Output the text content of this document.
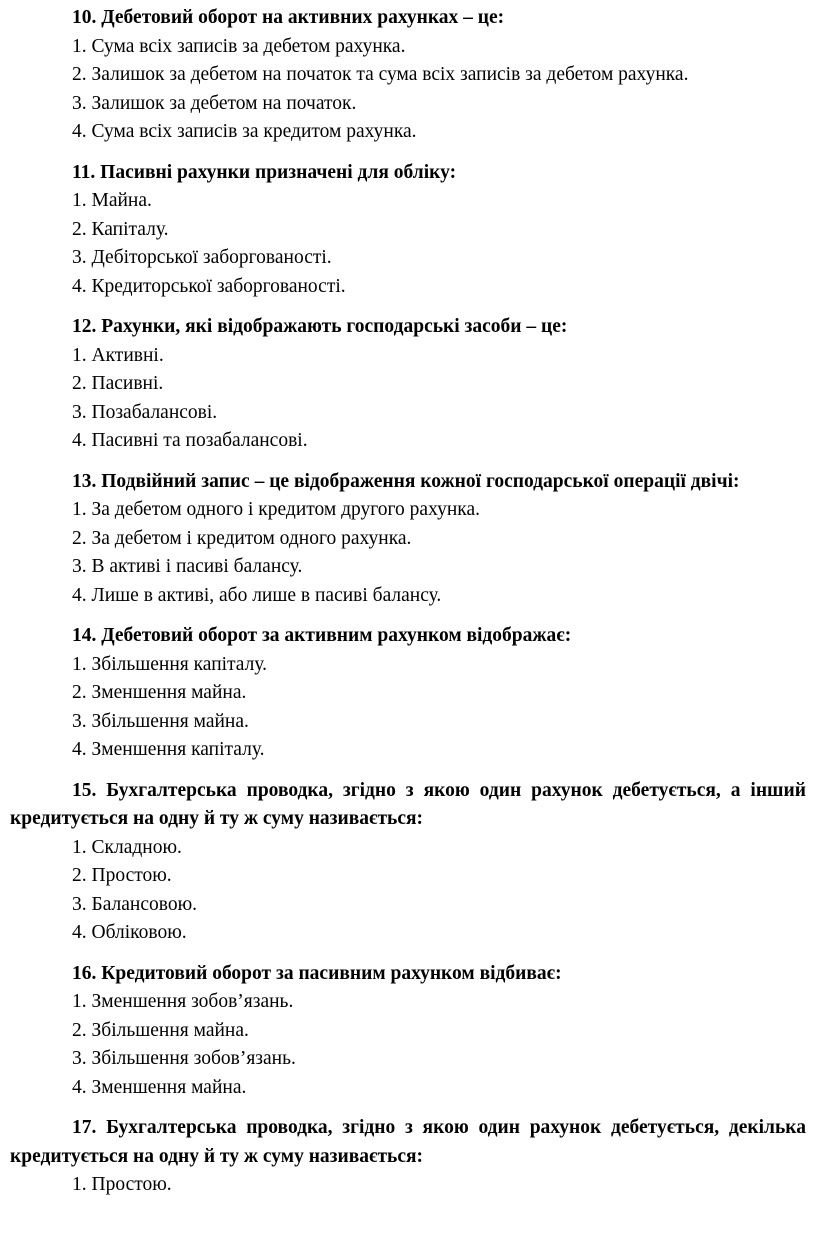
10. Дебетовий оборот на активних рахунках – це:
1. Сума всіх записів за дебетом рахунка.
2. Залишок за дебетом на початок та сума всіх записів за дебетом рахунка.
3. Залишок за дебетом на початок.
4. Сума всіх записів за кредитом рахунка.
11. Пасивні рахунки призначені для обліку:
1. Майна.
2. Капіталу.
3. Дебіторської заборгованості.
4. Кредиторської заборгованості.
12. Рахунки, які відображають господарські засоби – це:
1. Активні.
2. Пасивні.
3. Позабалансові.
4. Пасивні та позабалансові.
13. Подвійний запис – це відображення кожної господарської операції двічі:
1. За дебетом одного і кредитом другого рахунка.
2. За дебетом і кредитом одного рахунка.
3. В активі і пасиві балансу.
4. Лише в активі, або лише в пасиві балансу.
14. Дебетовий оборот за активним рахунком відображає:
1. Збільшення капіталу.
2. Зменшення майна.
3. Збільшення майна.
4. Зменшення капіталу.
15. Бухгалтерська проводка, згідно з якою один рахунок дебетується, а інший кредитується на одну й ту ж суму називається:
1. Складною.
2. Простою.
3. Балансовою.
4. Обліковою.
16. Кредитовий оборот за пасивним рахунком відбиває:
1. Зменшення зобов’язань.
2. Збільшення майна.
3. Збільшення зобов’язань.
4. Зменшення майна.
17. Бухгалтерська проводка, згідно з якою один рахунок дебетується, декілька кредитується на одну й ту ж суму називається:
1. Простою.
